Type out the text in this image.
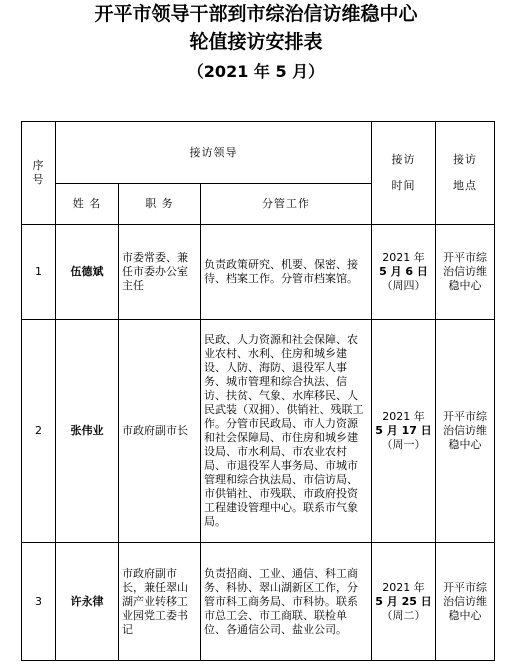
开平市领导干部到市综治信访维稳中心
轮值接访安排表
（2021 年 5 月）
序号	接访领导			接访时间	接访地点

	姓 名	职 务	分管工作		
1	伍德斌	市委常委、兼任市委办公室主任	负责政策研究、机要、保密、接待、档案工作。分管市档案馆。	2021 年
5 月 6 日
（周四）	开平市综治信访维稳中心
2	张伟业	市政府副市长	民政、人力资源和社会保障、农业农村、水利、住房和城乡建设、人防、海防、退役军人事务、城市管理和综合执法、信访、扶贫、气象、水库移民、人民武装（双拥）、供销社、残联工作。分管市民政局、市人力资源和社会保障局、市住房和城乡建设局、市水利局、市农业农村局、市退役军人事务局、市城市管理和综合执法局、市信访局、市供销社、市残联、市政府投资工程建设管理中心。联系市气象局。	2021 年
5 月 17 日
（周一）	开平市综治信访维稳中心
3	许永律	市政府副市长，兼任翠山湖产业转移工业园党工委书记	负责招商、工业、通信、科工商务、科协、翠山湖新区工作，分管市科工商务局、市科协。联系市总工会、市工商联、联检单位、各通信公司、盐业公司。	2021 年
5 月 25 日
（周二）	开平市综治信访维稳中心
